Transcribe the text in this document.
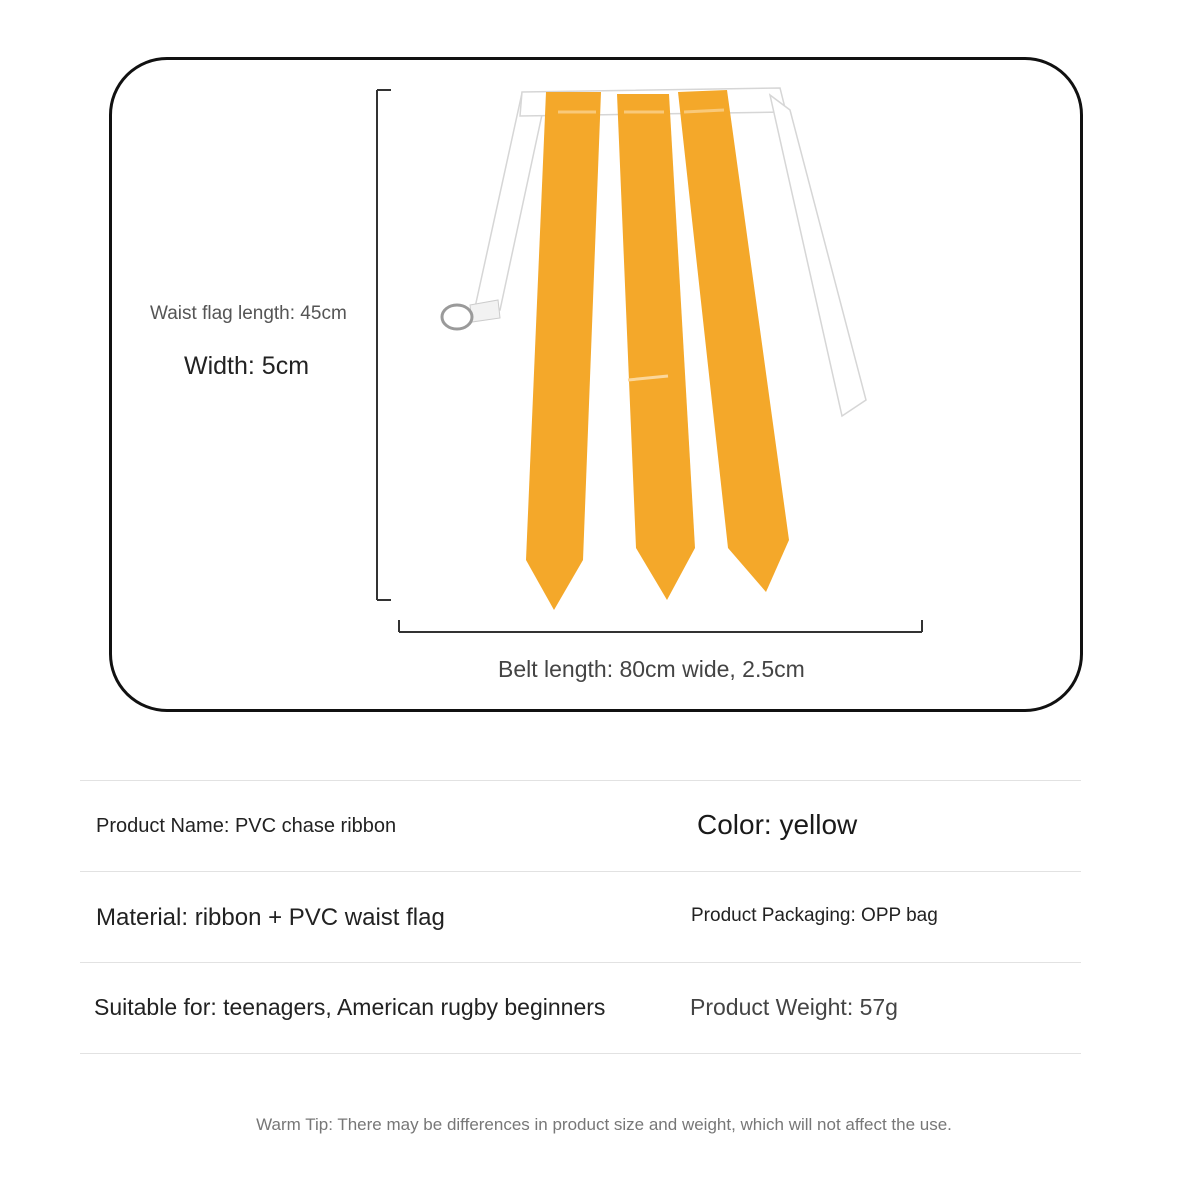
Waist flag length: 45cm
Width: 5cm
Belt length: 80cm wide, 2.5cm
Product Name: PVC chase ribbon	Color: yellow
Material: ribbon + PVC waist flag	Product Packaging: OPP bag
Suitable for: teenagers, American rugby beginners	Product Weight: 57g
Warm Tip: There may be differences in product size and weight, which will not affect the use.
